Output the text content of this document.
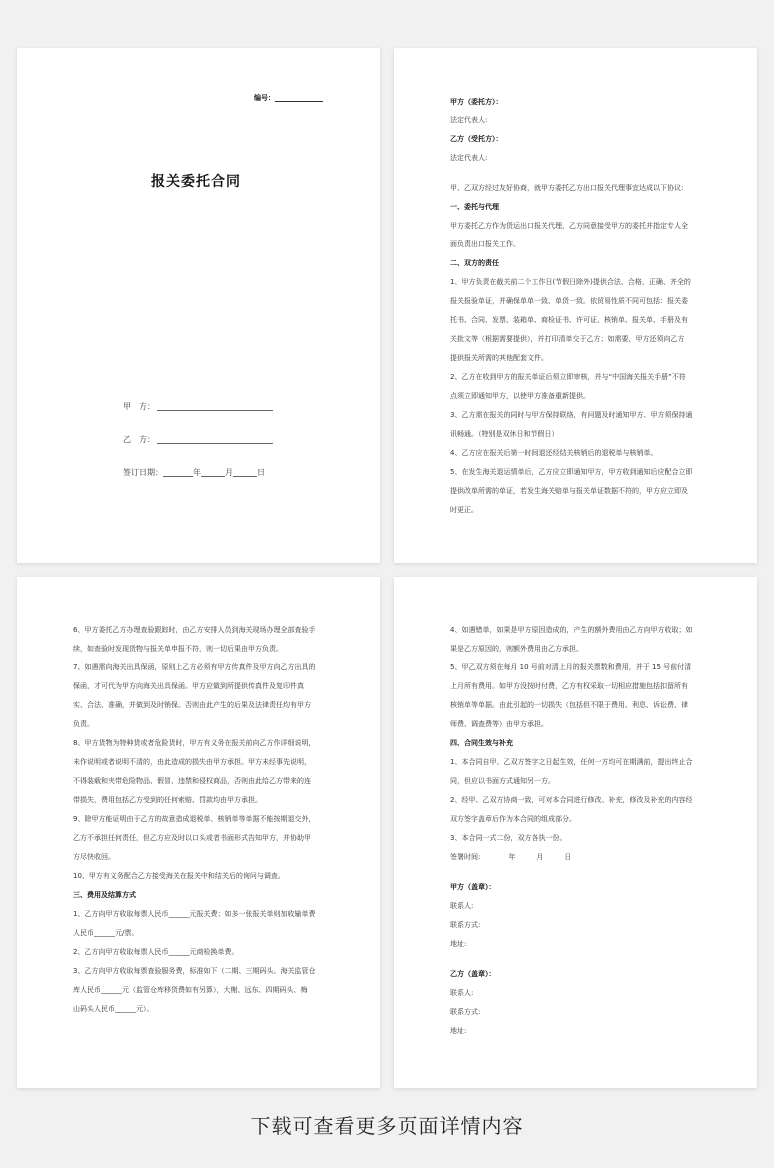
编号：
报关委托合同
甲　方：
乙　方：
签订日期：	年	月	日

甲方（委托方）：

法定代表人:

乙方（受托方）：

法定代表人:

甲、乙双方经过友好协商，就甲方委托乙方出口报关代理事宜达成以下协议:

一、委托与代理

甲方委托乙方作为货运出口报关代理，乙方同意接受甲方的委托并指定专人全

面负责出口报关工作。

二、双方的责任

1、甲方负责在截关前二个工作日(节假日除外)提供合法、合格、正确、齐全的

报关报验单证，并确保单单一致、单货一致。依贸易性质不同可包括：报关委

托书、合同、发票、装箱单、商检证书、许可证、核销单、报关单、手册及有

关批文等（根据需要提供），并打印清单交于乙方；如需要，甲方还须向乙方

提供报关所需的其他配套文件。

2、乙方在收到甲方的报关单证后须立即审核，并与“中国海关报关手册”不符

点须立即通知甲方，以使甲方准备重新提供。

3、乙方需在报关的同时与甲方保持联络，有问题及时通知甲方、甲方须保持通

讯畅通。（特别是双休日和节假日）

4、乙方应在报关后第一时间退还经结关核销后的退税单与核销单。

5、在发生海关退运情单后，乙方应立即通知甲方，甲方收到通知后应配合立即

提供改单所需的单证，若发生海关赔单与报关单证数据不符的，甲方应立即及

时更正。

6、甲方委托乙方办理查验跟踪时，由乙方安排人员到海关现场办理全部查验手

续，如查验时发现货物与报关单申报不符，则一切后果由甲方负责。

7、如遇需向海关出具保函，原则上乙方必须有甲方传真件及甲方向乙方出具的

保函，才可代为甲方向海关出具保函。甲方应做到所提供传真件及复印件真

实、合法、准确，并做到及时销保。否则由此产生的后果及法律责任均有甲方

负责。

8、甲方货物为特种货或者危险货时，甲方有义务在报关前向乙方作详细说明，

未作说明或者说明不清的，由此造成的损失由甲方承担。甲方未经事先说明，

不得装载和夹带危险物品、假冒、违禁和侵权商品，否则由此给乙方带来的连

带损失，费用包括乙方受到的任何索赔、罚款均由甲方承担。

9、除甲方能证明由于乙方的故意造成退税单、核销单等单据不能按期退交外，

乙方不承担任何责任，但乙方应及时以口头或者书面形式告知甲方，并协助甲

方尽快收回。

10、甲方有义务配合乙方接受海关在报关中和结关后的询问与调查。

三、费用及结算方式

1、乙方向甲方收取每票人民币______元报关费；如多一张报关单则加收输单费

人民币______元/票。

2、乙方向甲方收取每票人民币______元商检换单费。

3、乙方向甲方收取每票查验服务费，标准如下（二期、三期码头、海关监管仓

库人民币______元（监管仓库移货费如有另算），大榭、远东、四期码头、梅

山码头人民币______元）。

4、如遇错单，如果是甲方原因造成的，产生的额外费用由乙方向甲方收取；如

果是乙方原因的，则额外费用由乙方承担。

5、甲乙双方须在每月 10 号前对清上月的报关票数和费用，并于 15 号前付清

上月所有费用。如甲方没按时付费，乙方有权采取一切相应措施包括扣留所有

核销单等单据。由此引起的一切损失（包括但不限于费用、利息、诉讼费、律

师费、调查费等）由甲方承担。

四、合同生效与补充

1、本合同自甲、乙双方签字之日起生效，任何一方均可在期满前，提出终止合

同，但应以书面方式通知另一方。

2、经甲、乙双方协商一致，可对本合同进行修改、补充，修改及补充的内容经

双方签字盖章后作为本合同的组成部分。

3、本合同一式二份，双方各执一份。

签署时间:　　　　年　　　月　　　日

甲方（盖章）：

联系人:

联系方式:

地址:

乙方（盖章）：

联系人:

联系方式:

地址:

下载可查看更多页面详情内容
